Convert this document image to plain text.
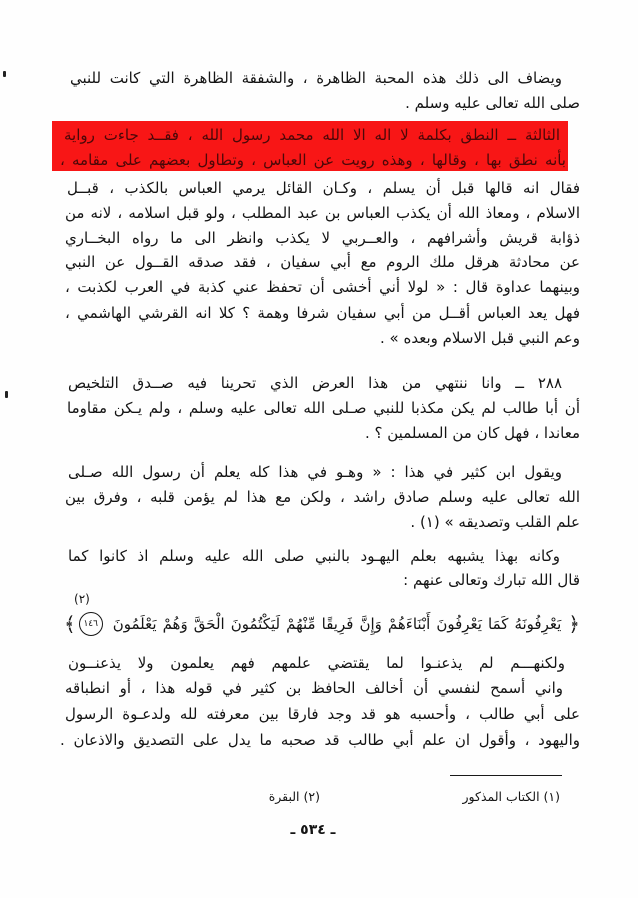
ويضاف الى ذلك هذه المحبة الظاهرة ، والشفقة الظاهرة التي كانت للنبي
صلى الله تعالى عليه وسلم .
الثالثة ــ النطق بكلمة لا اله الا الله محمد رسول الله ، فقــد جاءت رواية
بأنه نطق بها ، وقالها ، وهذه رويت عن العباس ، وتطاول بعضهم على مقامه ،
فقال انه قالها قبل أن يسلم ، وكـان القائل يرمي العباس بالكذب ، قبــل
الاسلام ، ومعاذ الله أن يكذب العباس بن عبد المطلب ، ولو قبل اسلامه ، لانه من
ذؤابة قريش وأشرافهم ، والعــربي لا يكذب وانظر الى ما رواه البخــاري
عن محادثة هرقل ملك الروم مع أبي سفيان ، فقد صدقه القــول عن النبي
وبينهما عداوة قال : « لولا أني أخشى أن تحفظ عني كذبة في العرب لكذبت ،
فهل يعد العباس أقــل من أبي سفيان شرفا وهمة ؟ كلا انه القرشي الهاشمي ،
وعم النبي قبل الاسلام وبعده » .
٢٨٨ ــ وانا ننتهي من هذا العرض الذي تحرينا فيه صــدق التلخيص
أن أبا طالب لم يكن مكذبا للنبي صـلى الله تعالى عليه وسلم ، ولم يـكن مقاوما
معاندا ، فهل كان من المسلمين ؟ .
ويقول ابن كثير في هذا : « وهـو في هذا كله يعلم أن رسول الله صـلى
الله تعالى عليه وسلم صادق راشد ، ولكن مع هذا لم يؤمن قلبه ، وفرق بين
علم القلب وتصديقه » (١) .
وكانه بهذا يشبهه بعلم اليهـود بالنبي صلى الله عليه وسلم اذ كانوا كما
قال الله تبارك وتعالى عنهم :
(٢)
﴿
يَعْرِفُونَهُ كَمَا يَعْرِفُونَ أَبْنَاءَهُمْ وَإِنَّ فَرِيقًا مِّنْهُمْ لَيَكْتُمُونَ الْحَقَّ وَهُمْ يَعْلَمُونَ
١٤٦
﴾
ولكنهـــم لم يذعنـوا لما يقتضي علمهم فهم يعلمون ولا يذعنــون
واني أسمح لنفسي أن أخالف الحافظ بن كثير في قوله هذا ، أو انطباقه
على أبي طالب ، وأحسبه هو قد وجد فارقا بين معرفته لله ولدعـوة الرسول
واليهود ، وأقول ان علم أبي طالب قد صحبه ما يدل على التصديق والاذعان .
(١) الكتاب المذكور
(٢) البقرة
ـ ٥٣٤ ـ
